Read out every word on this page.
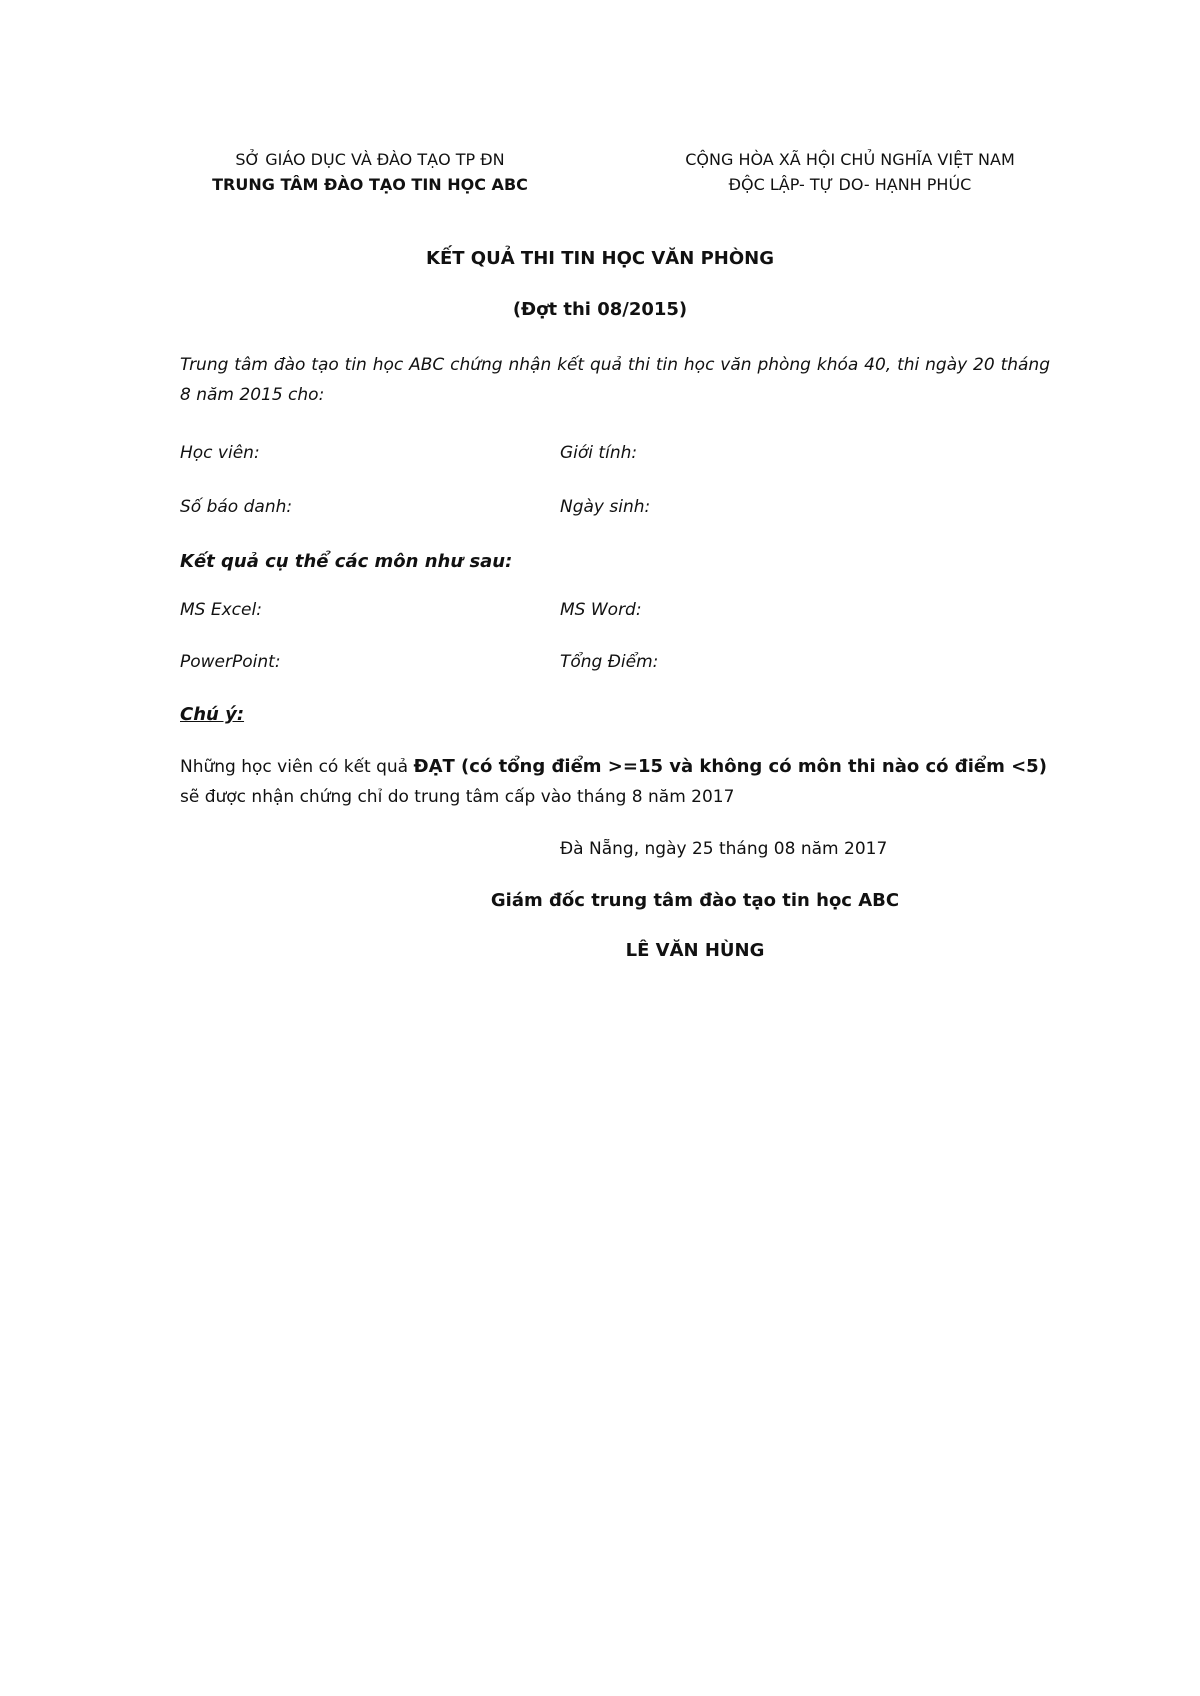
SỞ GIÁO DỤC VÀ ĐÀO TẠO TP ĐN
TRUNG TÂM ĐÀO TẠO TIN HỌC ABC
CỘNG HÒA XÃ HỘI CHỦ NGHĨA VIỆT NAM
ĐỘC LẬP- TỰ DO- HẠNH PHÚC
KẾT QUẢ THI TIN HỌC VĂN PHÒNG
(Đợt thi 08/2015)
Trung tâm đào tạo tin học ABC chứng nhận kết quả thi tin học văn phòng khóa 40, thi ngày 20 tháng 8 năm 2015 cho:
Học viên:	Giới tính:
Số báo danh:	Ngày sinh:
Kết quả cụ thể các môn như sau:
MS Excel:	MS Word:
PowerPoint:	Tổng Điểm:
Chú ý:
Những học viên có kết quả ĐẠT (có tổng điểm >=15 và không có môn thi nào có điểm <5) sẽ được nhận chứng chỉ do trung tâm cấp vào tháng 8 năm 2017
Đà Nẵng, ngày 25 tháng 08 năm 2017
Giám đốc trung tâm đào tạo tin học ABC
LÊ VĂN HÙNG
